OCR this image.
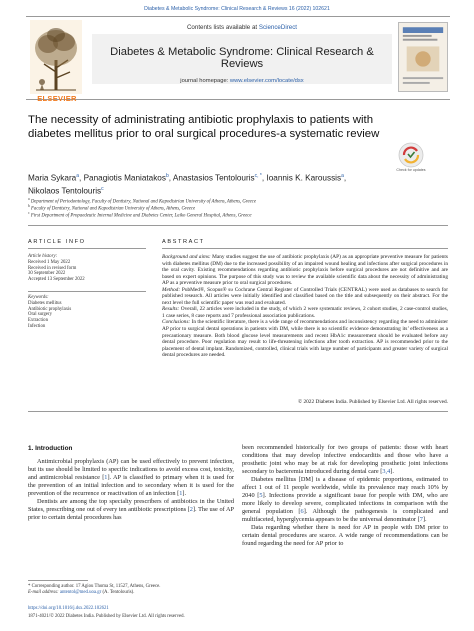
Diabetes & Metabolic Syndrome: Clinical Research & Reviews 16 (2022) 102621
ELSEVIER
Contents lists available at ScienceDirect
Diabetes & Metabolic Syndrome: Clinical Research & Reviews
journal homepage: www.elsevier.com/locate/dsx
The necessity of administrating antibiotic prophylaxis to patients with diabetes mellitus prior to oral surgical procedures-a systematic review
Check for updates
Maria Sykara$^a$, Panagiotis Maniatakos$^b$, Anastasios Tentolouris$^{c, *}$, Ioannis K. Karoussis$^a$,
Nikolaos Tentolouris$^c$
$^a$ Department of Periodontology, Faculty of Dentistry, National and Kapodistrian University of Athens, Athens, Greece
$^b$ Faculty of Dentistry, National and Kapodistrian University of Athens, Athens, Greece
$^c$ First Department of Propaedeutic Internal Medicine and Diabetes Center, Laiko General Hospital, Athens, Greece
ARTICLE INFO	ABSTRACT
Article history:
Received 1 May 2022
Received in revised form
30 September 2022
Accepted 13 September 2022
Keywords:
Diabetes mellitus
Antibiotic prophylaxis
Oral surgery
Extraction
Infection

Background and aims: Many studies suggest the use of antibiotic prophylaxis (AP) as an appropriate preventive measure for patients with diabetes mellitus (DM) due to the increased possibility of an impaired wound healing and infections after surgical procedures in the oral cavity. Existing recommendations regarding antibiotic prophylaxis before surgical procedures are not definitive and are based on expert opinions. The purpose of this study was to review the available scientific data about the necessity of administrating AP as a preventive measure prior to oral surgical procedures.

Method: PubMed®, Scopus® sυ Cochrane Central Register of Controlled Trials (CENTRAL) were used as databases to search for published research. All articles were initially identified and classified based on the title and subsequently on their abstract. For the next level the full scientific paper was read and evaluated.

Results: Overall, 22 articles were included in the study, of which 2 were systematic reviews, 2 cohort studies, 2 case-control studies, 1 case series, 8 case reports and 7 professional association publications.

Conclusions: In the scientific literature, there is a wide range of recommendations and inconsistency regarding the need to administer AP prior to surgical dental operations in patients with DM, while there is no scientific evidence demonstrating its’ effectiveness as a precautionary measure. Both blood glucose level measurements and recent HbA1c measurement should be evaluated before any dental procedure. Poor regulation may result to life-threatening infections after tooth extraction. AP is recommended prior to the placement of dental implant. Randomized, controlled, clinical trials with large number of participants and greater variety of surgical dental procedures are needed.

© 2022 Diabetes India. Published by Elsevier Ltd. All rights reserved.
1. Introduction

Antimicrobial prophylaxis (AP) can be used effectively to prevent infection, but its use should be limited to specific indications to avoid excess cost, toxicity, and antimicrobial resistance [1]. AP is classified to primary when it is used for the prevention of an initial infection and to secondary when it is used for the prevention of the recurrence or reactivation of an infection [1].

Dentists are among the top specialty prescribers of antibiotics in the United States, prescribing one out of every ten antibiotic prescriptions [2]. The use of AP prior to certain dental procedures has

been recommended historically for two groups of patients: those with heart conditions that may develop infective endocarditis and those who have a prosthetic joint who may be at risk for developing prosthetic joint infections secondary to bacteremia introduced during dental care [3,4].

Diabetes mellitus [DM] is a disease of epidemic proportions, estimated to affect 1 out of 11 people worldwide, while its prevalence may reach 10% by 2040 [5]. Infections provide a significant issue for people with DM, who are more likely to develop severe, complicated infections in comparison with the general population [6]. Although the pathogenesis is complicated and multifaceted, hyperglycemia appears to be the universal denominator [7].

Data regarding whether there is need for AP in people with DM prior to certain dental procedures are scarce. A wide range of recommendations can be found regarding the need for AP prior to

* Corresponding author. 17 Agiou Thoma St, 11527, Athens, Greece.
E-mail address: antentol@med.uoa.gr (A. Tentolouris).
https://doi.org/10.1016/j.dsx.2022.102621
1871-4021/© 2022 Diabetes India. Published by Elsevier Ltd. All rights reserved.
